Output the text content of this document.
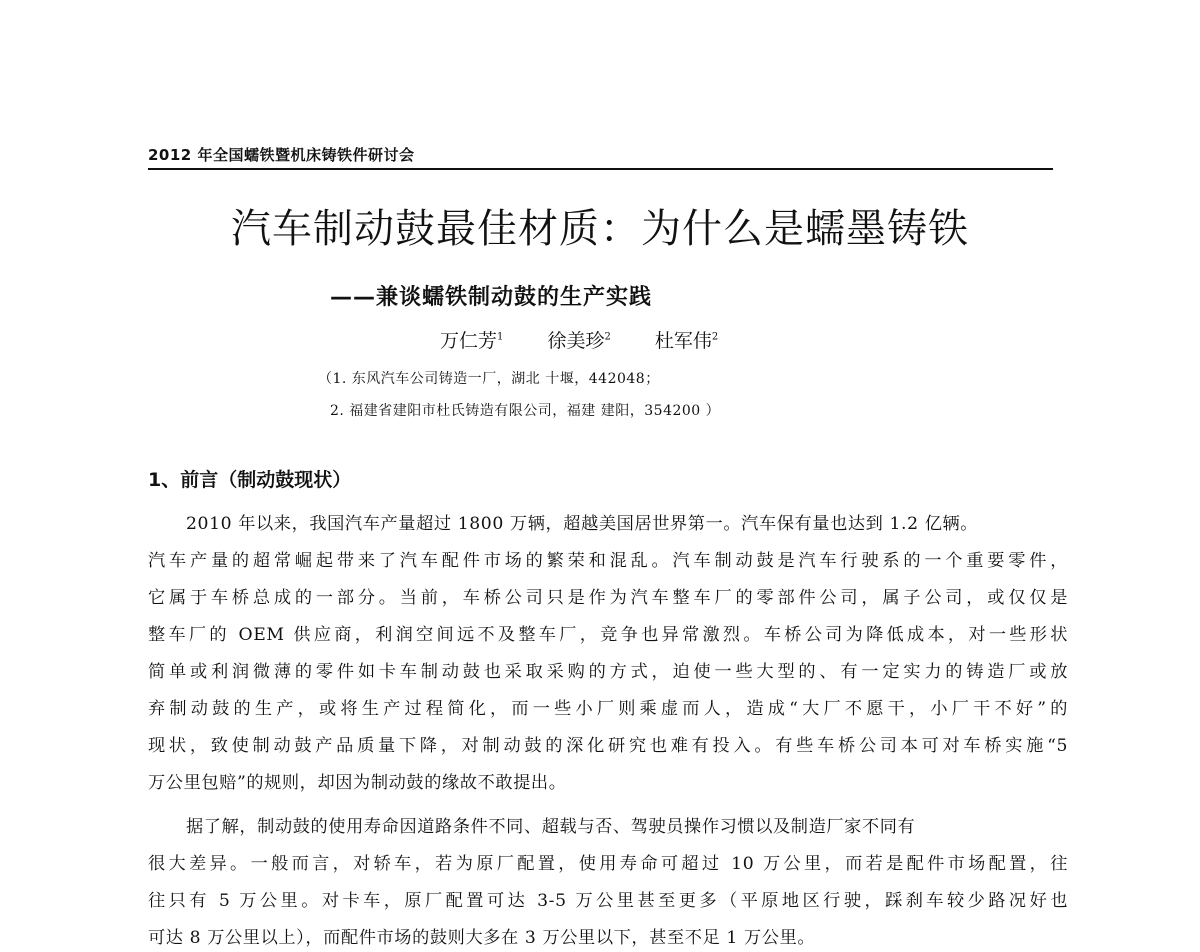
2012 年全国蠕铁暨机床铸铁件研讨会
汽车制动鼓最佳材质：为什么是蠕墨铸铁
——兼谈蠕铁制动鼓的生产实践
万仁芳$^1$ 徐美珍$^2$ 杜军伟$^2$
（1. 东风汽车公司铸造一厂，湖北 十堰，442048；
2. 福建省建阳市杜氏铸造有限公司，福建 建阳，354200 ）
1、前言（制动鼓现状）
2010 年以来，我国汽车产量超过 1800 万辆，超越美国居世界第一。汽车保有量也达到 1.2 亿辆。
汽车产量的超常崛起带来了汽车配件市场的繁荣和混乱。汽车制动鼓是汽车行驶系的一个重要零件，
它属于车桥总成的一部分。当前，车桥公司只是作为汽车整车厂的零部件公司，属子公司，或仅仅是
整车厂的 OEM 供应商，利润空间远不及整车厂，竞争也异常激烈。车桥公司为降低成本，对一些形状
简单或利润微薄的零件如卡车制动鼓也采取采购的方式，迫使一些大型的、有一定实力的铸造厂或放
弃制动鼓的生产，或将生产过程简化，而一些小厂则乘虚而人，造成“大厂不愿干，小厂干不好”的
现状，致使制动鼓产品质量下降，对制动鼓的深化研究也难有投入。有些车桥公司本可对车桥实施“5
万公里包赔”的规则，却因为制动鼓的缘故不敢提出。
据了解，制动鼓的使用寿命因道路条件不同、超载与否、驾驶员操作习惯以及制造厂家不同有
很大差异。一般而言，对轿车，若为原厂配置，使用寿命可超过 10 万公里，而若是配件市场配置，往
往只有 5 万公里。对卡车，原厂配置可达 3-5 万公里甚至更多（平原地区行驶，踩刹车较少路况好也
可达 8 万公里以上），而配件市场的鼓则大多在 3 万公里以下，甚至不足 1 万公里。
